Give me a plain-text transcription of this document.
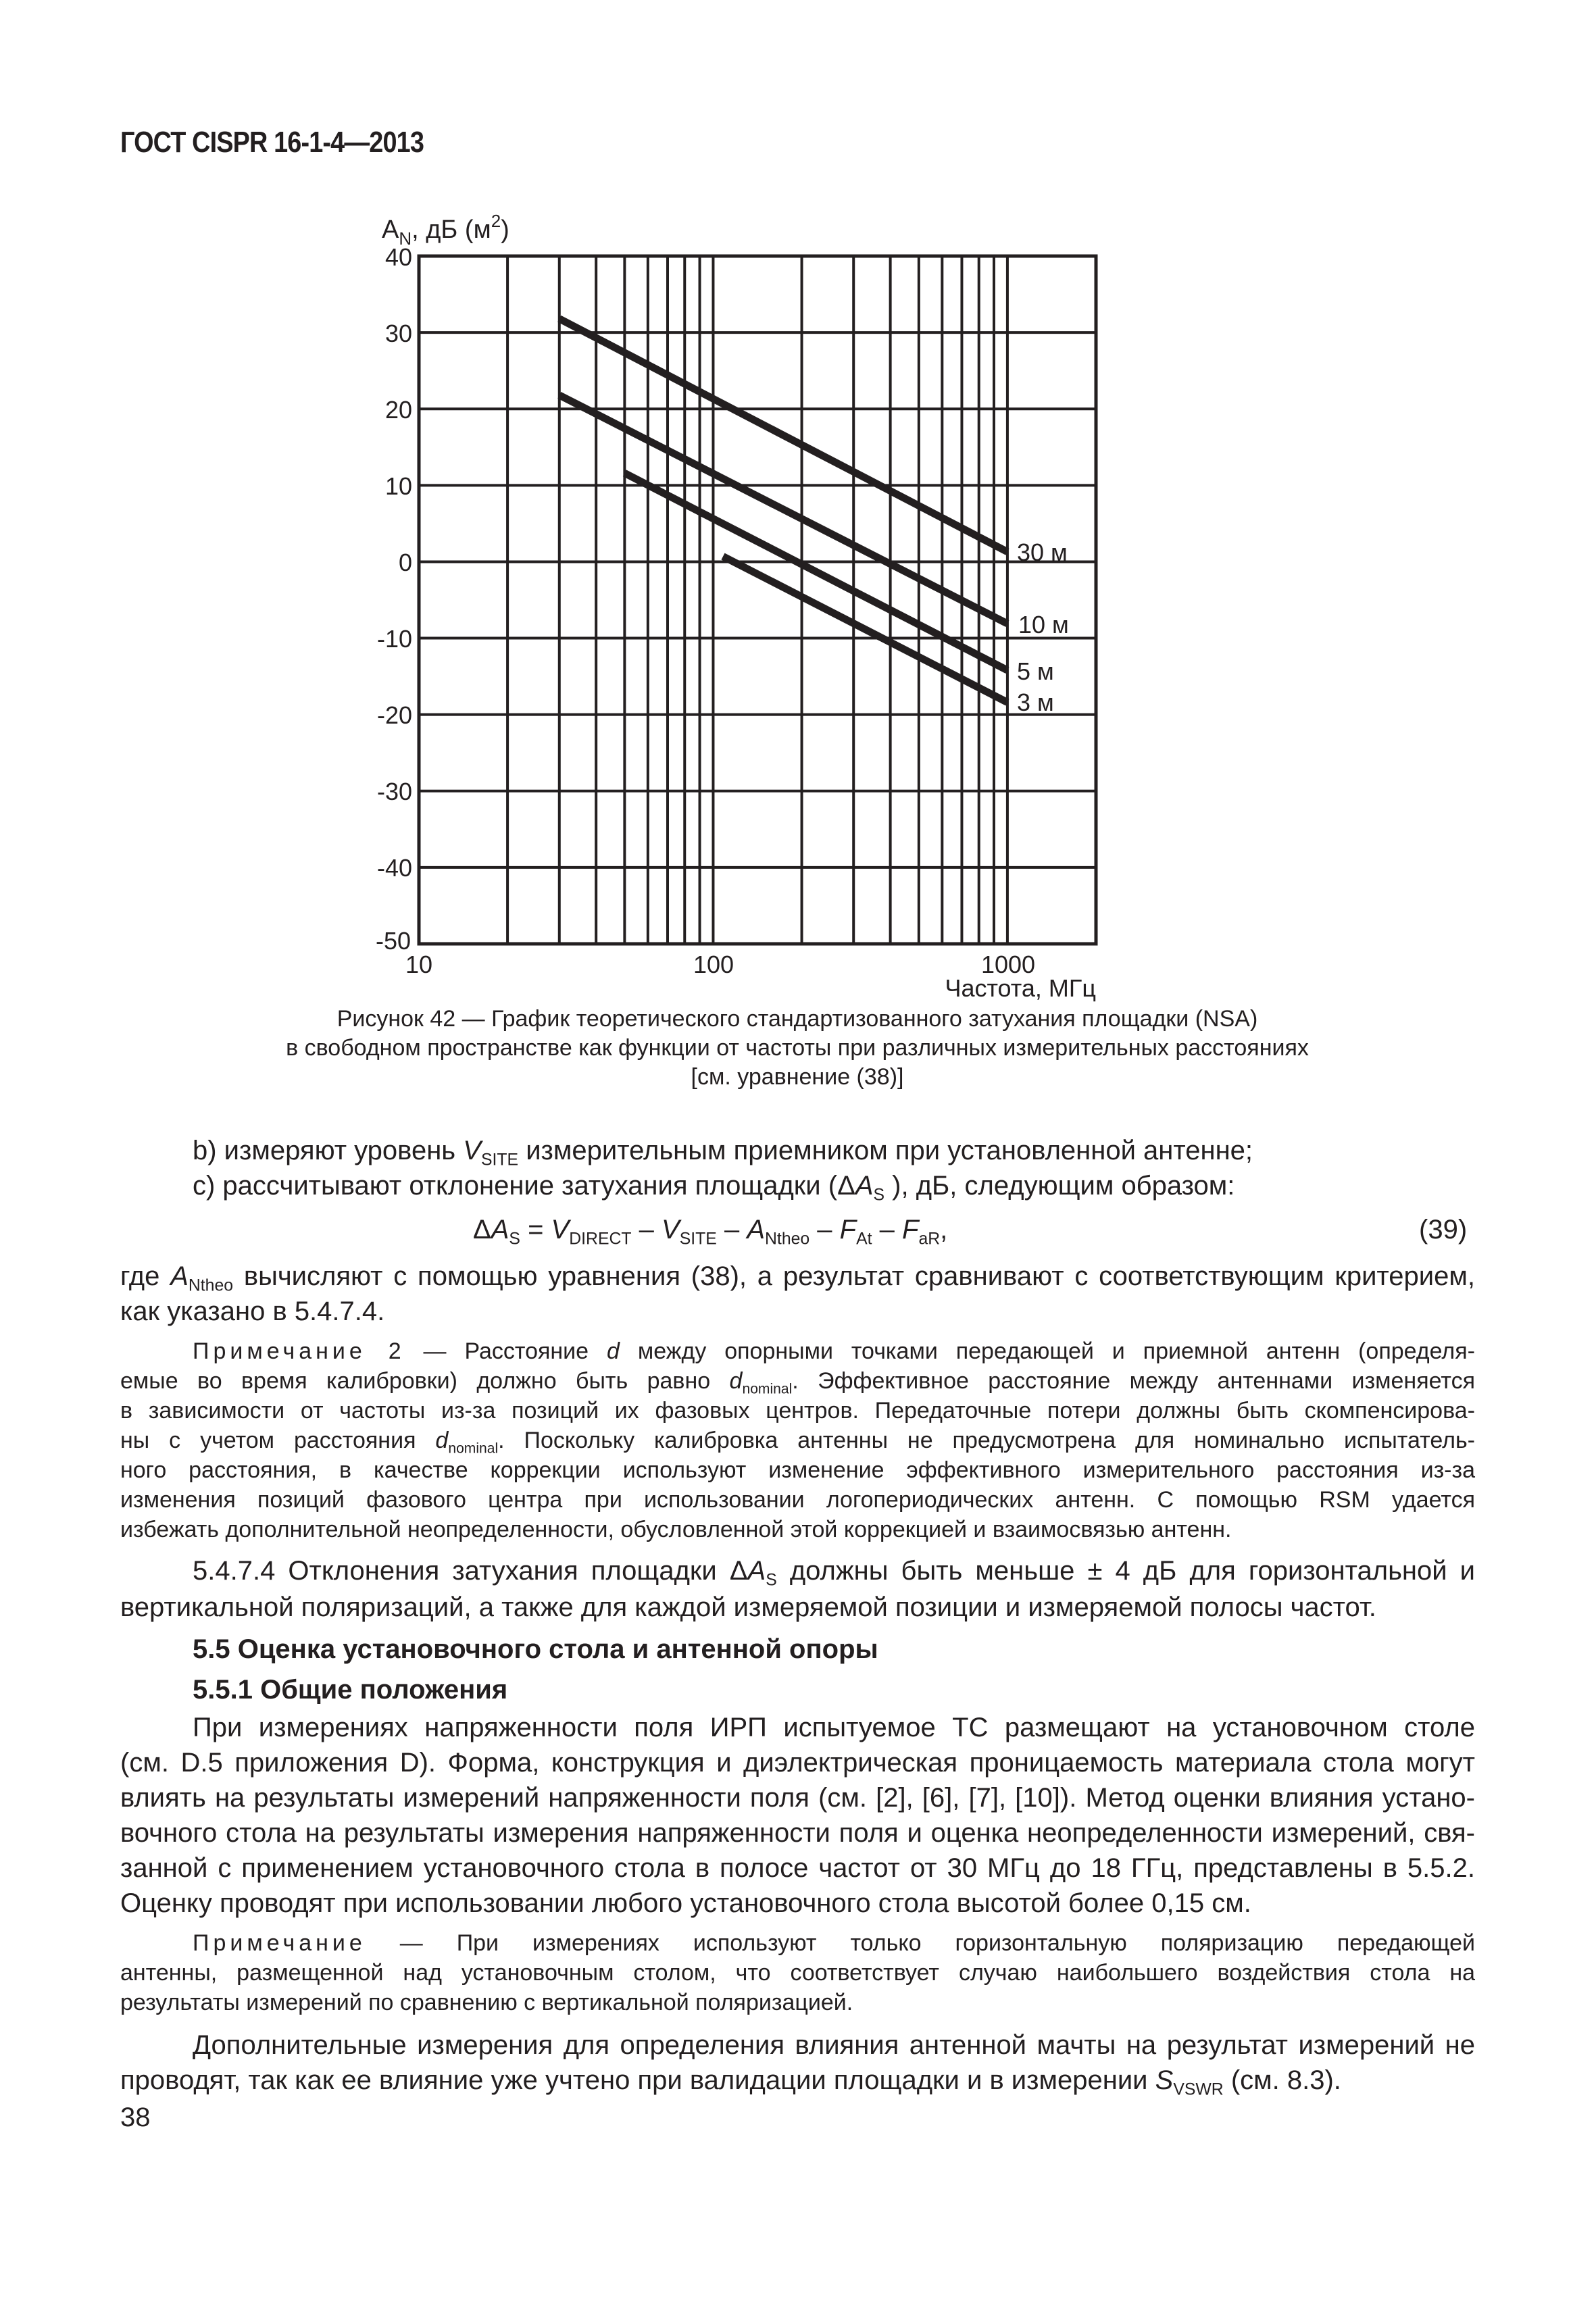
ГОСТ CISPR 16-1-4—2013
$A_N$, дБ $(м^2)$
40
30
20
10
0
-10
-20
-30
-40
-50
10	100	1000
Частота, МГц
30 м
10 м
5 м
3 м
Рисунок 42 — График теоретического стандартизованного затухания площадки (NSA)
в свободном пространстве как функции от частоты при различных измерительных расстояниях
[см. уравнение (38)]
b) измеряют уровень $V_{SITE}$ измерительным приемником при установленной антенне;
c) рассчитывают отклонение затухания площадки ($\Delta A_S$ ), дБ, следующим образом:
$\Delta A_S = V_{DIRECT} - V_{SITE} - A_{Ntheo} - F_{At} - F_{aR}$,	(39)
где $A_{Ntheo}$ вычисляют с помощью уравнения (38), а результат сравнивают с соответствующим критерием,
как указано в 5.4.7.4.
Примечание 2 — Расстояние d между опорными точками передающей и приемной антенн (определя-
емые во время калибровки) должно быть равно $d_{nominal}$. Эффективное расстояние между антеннами изменяется
в зависимости от частоты из-за позиций их фазовых центров. Передаточные потери должны быть скомпенсирова-
ны с учетом расстояния $d_{nominal}$. Поскольку калибровка антенны не предусмотрена для номинально испытатель-
ного расстояния, в качестве коррекции используют изменение эффективного измерительного расстояния из-за
изменения позиций фазового центра при использовании логопериодических антенн. С помощью RSM удается
избежать дополнительной неопределенности, обусловленной этой коррекцией и взаимосвязью антенн.
5.4.7.4 Отклонения затухания площадки $\Delta A_S$ должны быть меньше ± 4 дБ для горизонтальной и
вертикальной поляризаций, а также для каждой измеряемой позиции и измеряемой полосы частот.
5.5 Оценка установочного стола и антенной опоры
5.5.1 Общие положения
При измерениях напряженности поля ИРП испытуемое ТС размещают на установочном столе
(см. D.5 приложения D). Форма, конструкция и диэлектрическая проницаемость материала стола могут
влиять на результаты измерений напряженности поля (см. [2], [6], [7], [10]). Метод оценки влияния устано-
вочного стола на результаты измерения напряженности поля и оценка неопределенности измерений, свя-
занной с применением установочного стола в полосе частот от 30 МГц до 18 ГГц, представлены в 5.5.2.
Оценку проводят при использовании любого установочного стола высотой более 0,15 см.
Примечание — При измерениях используют только горизонтальную поляризацию передающей
антенны, размещенной над установочным столом, что соответствует случаю наибольшего воздействия стола на
результаты измерений по сравнению с вертикальной поляризацией.
Дополнительные измерения для определения влияния антенной мачты на результат измерений не
проводят, так как ее влияние уже учтено при валидации площадки и в измерении $S_{VSWR}$ (см. 8.3).
38
